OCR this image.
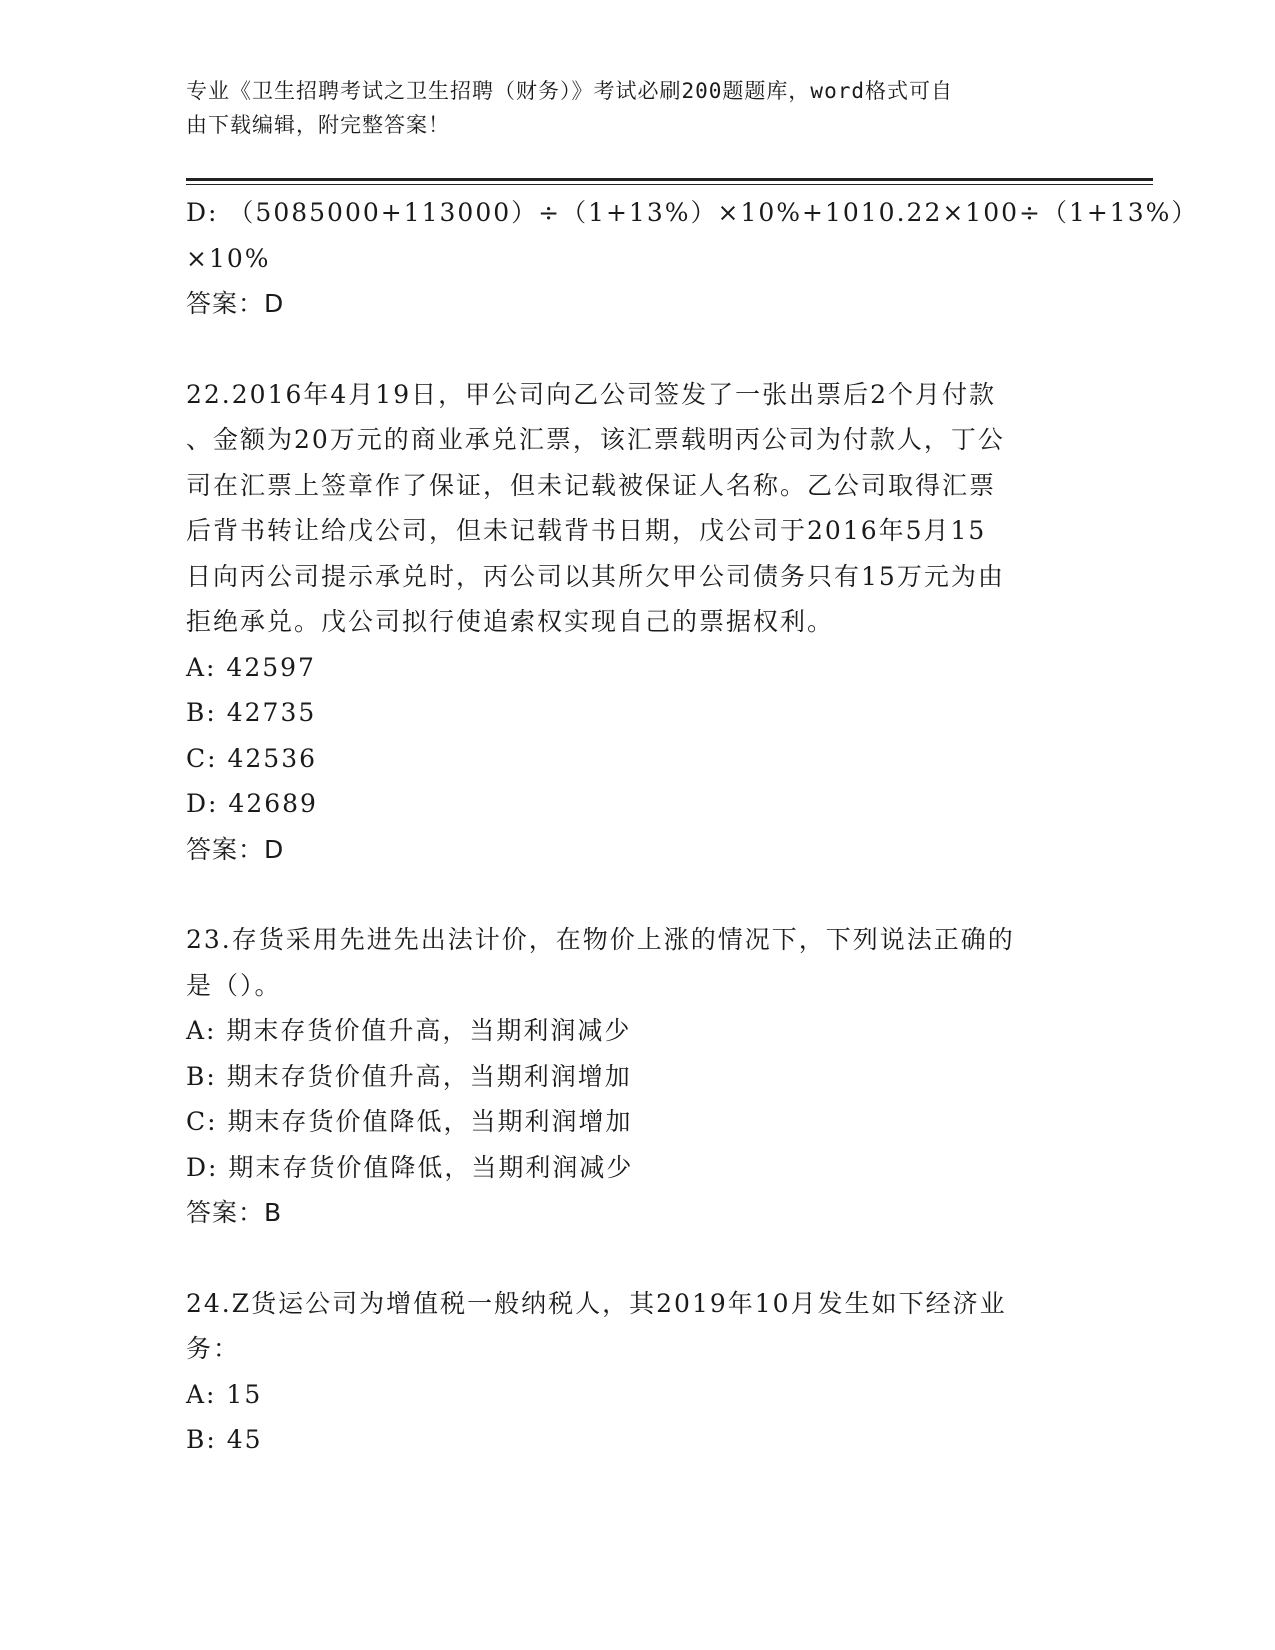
专业《卫生招聘考试之卫生招聘（财务）》考试必刷200题题库，word格式可自
由下载编辑，附完整答案！
D: （5085000+113000）÷（1+13%）×10%+1010.22×100÷（1+13%）
×10%
答案：D
22.2016年4月19日，甲公司向乙公司签发了一张出票后2个月付款
、金额为20万元的商业承兑汇票，该汇票载明丙公司为付款人，丁公
司在汇票上签章作了保证，但未记载被保证人名称。乙公司取得汇票
后背书转让给戊公司，但未记载背书日期，戊公司于2016年5月15
日向丙公司提示承兑时，丙公司以其所欠甲公司债务只有15万元为由
拒绝承兑。戊公司拟行使追索权实现自己的票据权利。
A: 42597
B: 42735
C: 42536
D: 42689
答案：D
23.存货采用先进先出法计价，在物价上涨的情况下，下列说法正确的
是（）。
A: 期末存货价值升高，当期利润减少
B: 期末存货价值升高，当期利润增加
C: 期末存货价值降低，当期利润增加
D: 期末存货价值降低，当期利润减少
答案：B
24.Z货运公司为增值税一般纳税人，其2019年10月发生如下经济业
务：
A: 15
B: 45
